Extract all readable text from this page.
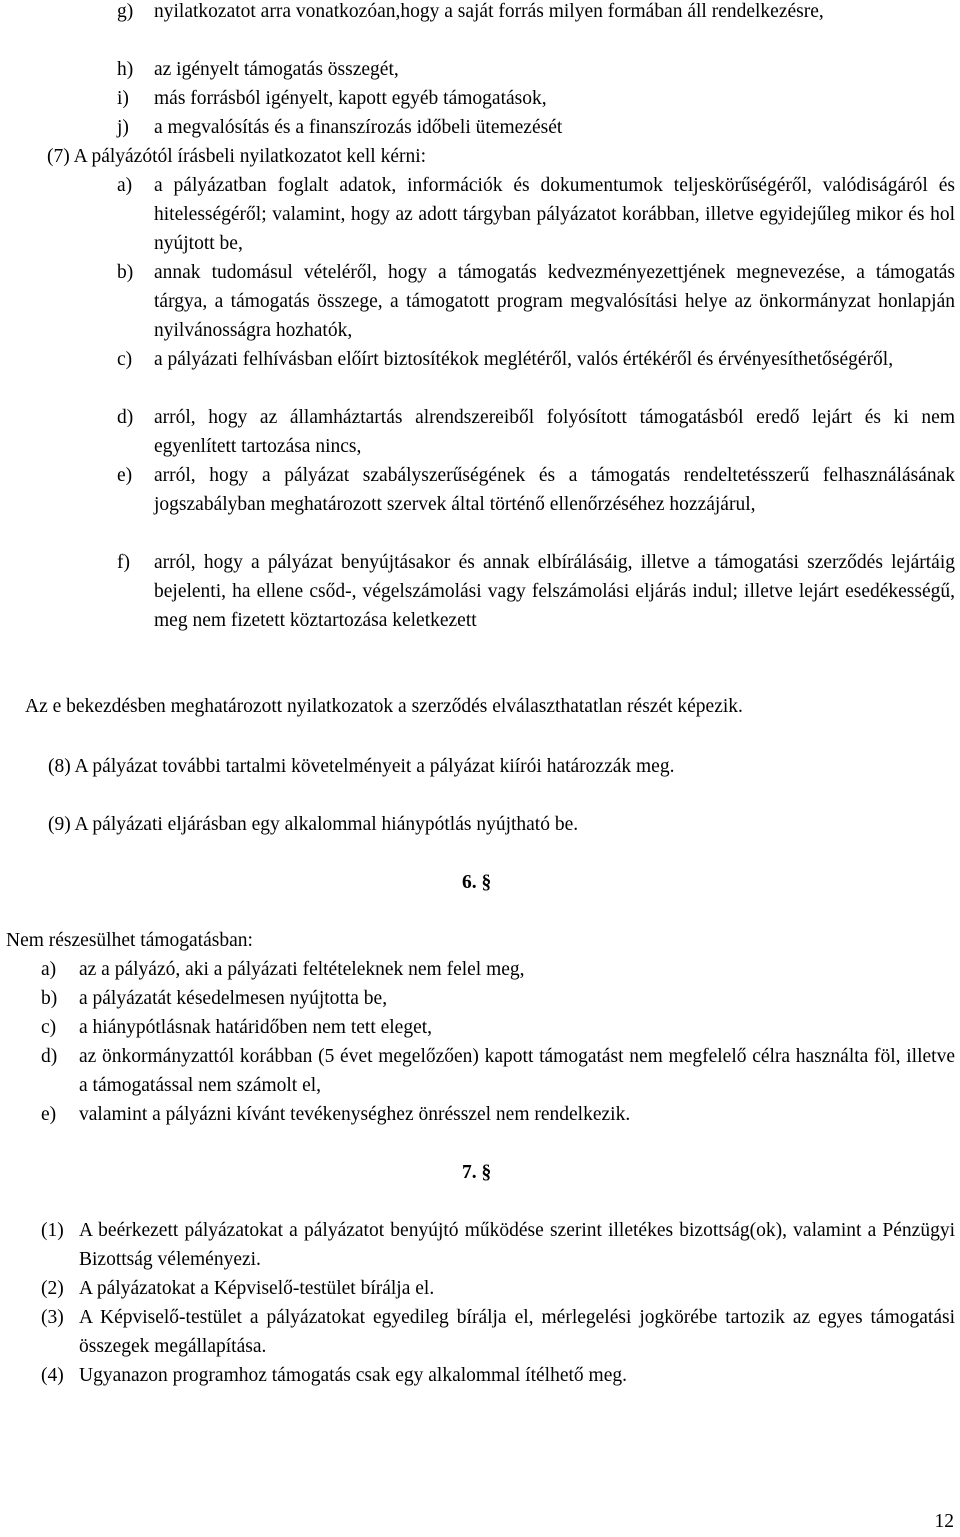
g)	nyilatkozatot arra vonatkozóan,hogy a saját forrás milyen formában áll rendelkezésre,
h)	az igényelt támogatás összegét,
i)	más forrásból igényelt, kapott egyéb támogatások,
j)	a megvalósítás és a finanszírozás időbeli ütemezését
(7) A pályázótól írásbeli nyilatkozatot kell kérni:
a)	a pályázatban foglalt adatok, információk és dokumentumok teljeskörűségéről, valódiságáról és hitelességéről; valamint, hogy az adott tárgyban pályázatot korábban, illetve egyidejűleg mikor és hol nyújtott be,
b)	annak tudomásul vételéről, hogy a támogatás kedvezményezettjének megnevezése, a támogatás tárgya, a támogatás összege, a támogatott program megvalósítási helye az önkormányzat honlapján nyilvánosságra hozhatók,
c)	a pályázati felhívásban előírt biztosítékok meglétéről, valós értékéről és érvényesíthetőségéről,
d)	arról, hogy az államháztartás alrendszereiből folyósított támogatásból eredő lejárt és ki nem egyenlített tartozása nincs,
e)	arról, hogy a pályázat szabályszerűségének és a támogatás rendeltetésszerű felhasználásának jogszabályban meghatározott szervek által történő ellenőrzéséhez hozzájárul,
f)	arról, hogy a pályázat benyújtásakor és annak elbírálásáig, illetve a támogatási szerződés lejártáig bejelenti, ha ellene csőd-, végelszámolási vagy felszámolási eljárás indul; illetve lejárt esedékességű, meg nem fizetett köztartozása keletkezett
Az e bekezdésben meghatározott nyilatkozatok a szerződés elválaszthatatlan részét képezik.
(8) A pályázat további tartalmi követelményeit a pályázat kiírói határozzák meg.
(9) A pályázati eljárásban egy alkalommal hiánypótlás nyújtható be.
6. §
Nem részesülhet támogatásban:
a)	az a pályázó, aki a pályázati feltételeknek nem felel meg,
b)	a pályázatát késedelmesen nyújtotta be,
c)	a hiánypótlásnak határidőben nem tett eleget,
d)	az önkormányzattól korábban (5 évet megelőzően) kapott támogatást nem megfelelő célra használta föl, illetve a támogatással nem számolt el,
e)	valamint a pályázni kívánt tevékenységhez önrésszel nem rendelkezik.
7. §
(1) A beérkezett pályázatokat a pályázatot benyújtó működése szerint illetékes bizottság(ok), valamint a Pénzügyi Bizottság véleményezi.
(2) A pályázatokat a Képviselő-testület bírálja el.
(3) A Képviselő-testület a pályázatokat egyedileg bírálja el, mérlegelési jogkörébe tartozik az egyes támogatási összegek megállapítása.
(4) Ugyanazon programhoz támogatás csak egy alkalommal ítélhető meg.
12
